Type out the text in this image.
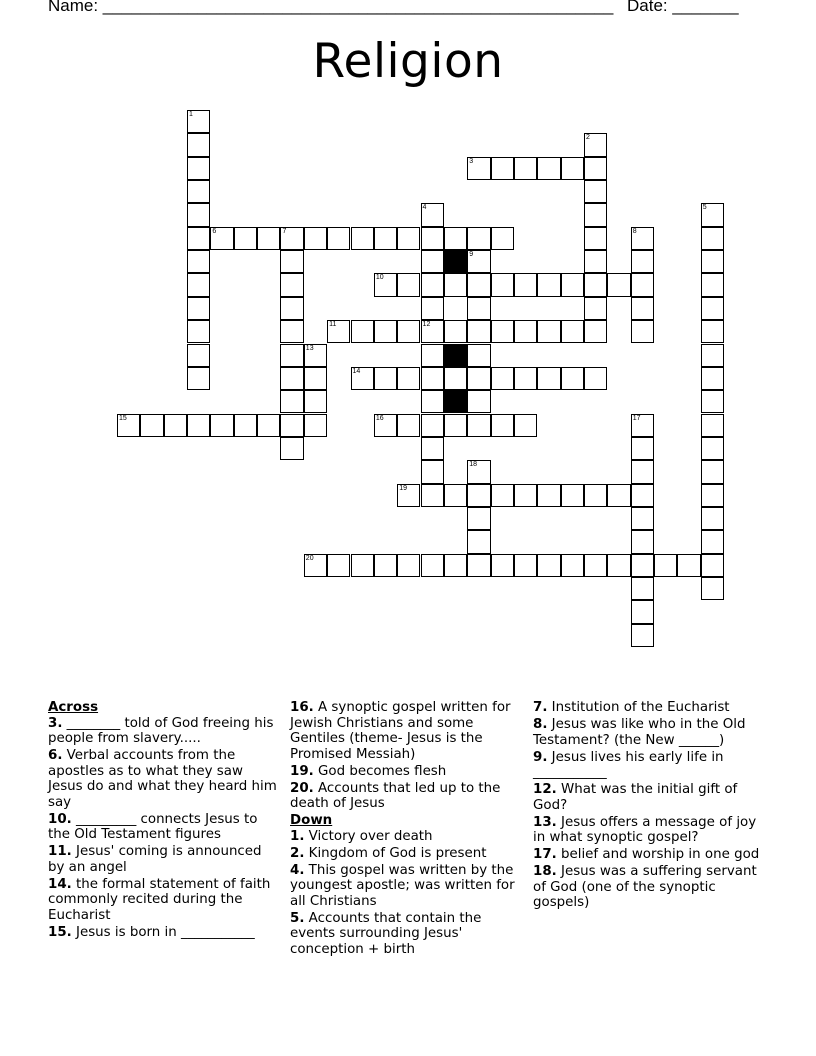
Name: ______________________________________________________ Date: _______
Religion
1
2
3
4
12
5
6	7	8
9
10
11
13
14
15	16	17
18
19
20
Across
3. ________ told of God freeing his people from slavery.....
6. Verbal accounts from the apostles as to what they saw Jesus do and what they heard him say
10. _________ connects Jesus to the Old Testament figures
11. Jesus' coming is announced by an angel
14. the formal statement of faith commonly recited during the Eucharist
15. Jesus is born in ___________
16. A synoptic gospel written for Jewish Christians and some Gentiles (theme- Jesus is the Promised Messiah)
19. God becomes flesh
20. Accounts that led up to the death of Jesus
Down
1. Victory over death
2. Kingdom of God is present
4. This gospel was written by the youngest apostle; was written for all Christians
5. Accounts that contain the events surrounding Jesus' conception + birth
7. Institution of the Eucharist
8. Jesus was like who in the Old Testament? (the New ______)
9. Jesus lives his early life in ___________
12. What was the initial gift of God?
13. Jesus offers a message of joy in what synoptic gospel?
17. belief and worship in one god
18. Jesus was a suffering servant of God (one of the synoptic gospels)
